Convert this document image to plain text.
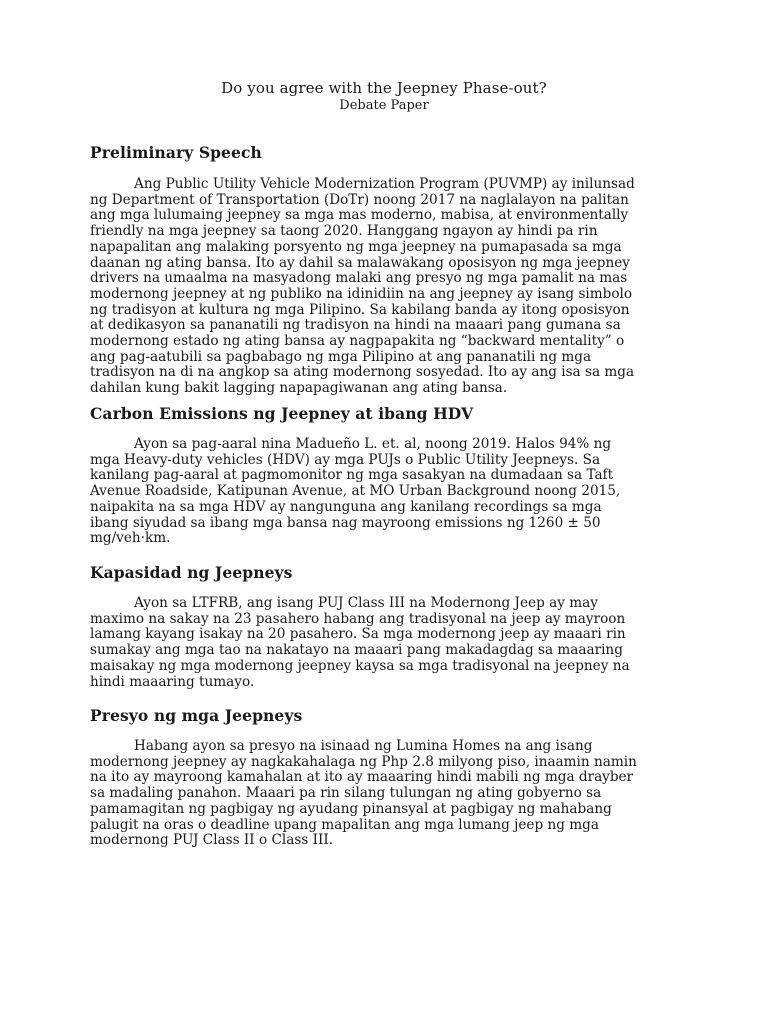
Do you agree with the Jeepney Phase-out?
Debate Paper
Preliminary Speech
Ang Public Utility Vehicle Modernization Program (PUVMP) ay inilunsad
ng Department of Transportation (DoTr) noong 2017 na naglalayon na palitan
ang mga lulumaing jeepney sa mga mas moderno, mabisa, at environmentally
friendly na mga jeepney sa taong 2020. Hanggang ngayon ay hindi pa rin
napapalitan ang malaking porsyento ng mga jeepney na pumapasada sa mga
daanan ng ating bansa. Ito ay dahil sa malawakang oposisyon ng mga jeepney
drivers na umaalma na masyadong malaki ang presyo ng mga pamalit na mas
modernong jeepney at ng publiko na idinidiin na ang jeepney ay isang simbolo
ng tradisyon at kultura ng mga Pilipino. Sa kabilang banda ay itong oposisyon
at dedikasyon sa pananatili ng tradisyon na hindi na maaari pang gumana sa
modernong estado ng ating bansa ay nagpapakita ng “backward mentality” o
ang pag-aatubili sa pagbabago ng mga Pilipino at ang pananatili ng mga
tradisyon na di na angkop sa ating modernong sosyedad. Ito ay ang isa sa mga
dahilan kung bakit lagging napapagiwanan ang ating bansa.
Carbon Emissions ng Jeepney at ibang HDV
Ayon sa pag-aaral nina Madueño L. et. al, noong 2019. Halos 94% ng
mga Heavy-duty vehicles (HDV) ay mga PUJs o Public Utility Jeepneys. Sa
kanilang pag-aaral at pagmomonitor ng mga sasakyan na dumadaan sa Taft
Avenue Roadside, Katipunan Avenue, at MO Urban Background noong 2015,
naipakita na sa mga HDV ay nangunguna ang kanilang recordings sa mga
ibang siyudad sa ibang mga bansa nag mayroong emissions ng 1260 ± 50
mg/veh·km.
Kapasidad ng Jeepneys
Ayon sa LTFRB, ang isang PUJ Class III na Modernong Jeep ay may
maximo na sakay na 23 pasahero habang ang tradisyonal na jeep ay mayroon
lamang kayang isakay na 20 pasahero. Sa mga modernong jeep ay maaari rin
sumakay ang mga tao na nakatayo na maaari pang makadagdag sa maaaring
maisakay ng mga modernong jeepney kaysa sa mga tradisyonal na jeepney na
hindi maaaring tumayo.
Presyo ng mga Jeepneys
Habang ayon sa presyo na isinaad ng Lumina Homes na ang isang
modernong jeepney ay nagkakahalaga ng Php 2.8 milyong piso, inaamin namin
na ito ay mayroong kamahalan at ito ay maaaring hindi mabili ng mga drayber
sa madaling panahon. Maaari pa rin silang tulungan ng ating gobyerno sa
pamamagitan ng pagbigay ng ayudang pinansyal at pagbigay ng mahabang
palugit na oras o deadline upang mapalitan ang mga lumang jeep ng mga
modernong PUJ Class II o Class III.
